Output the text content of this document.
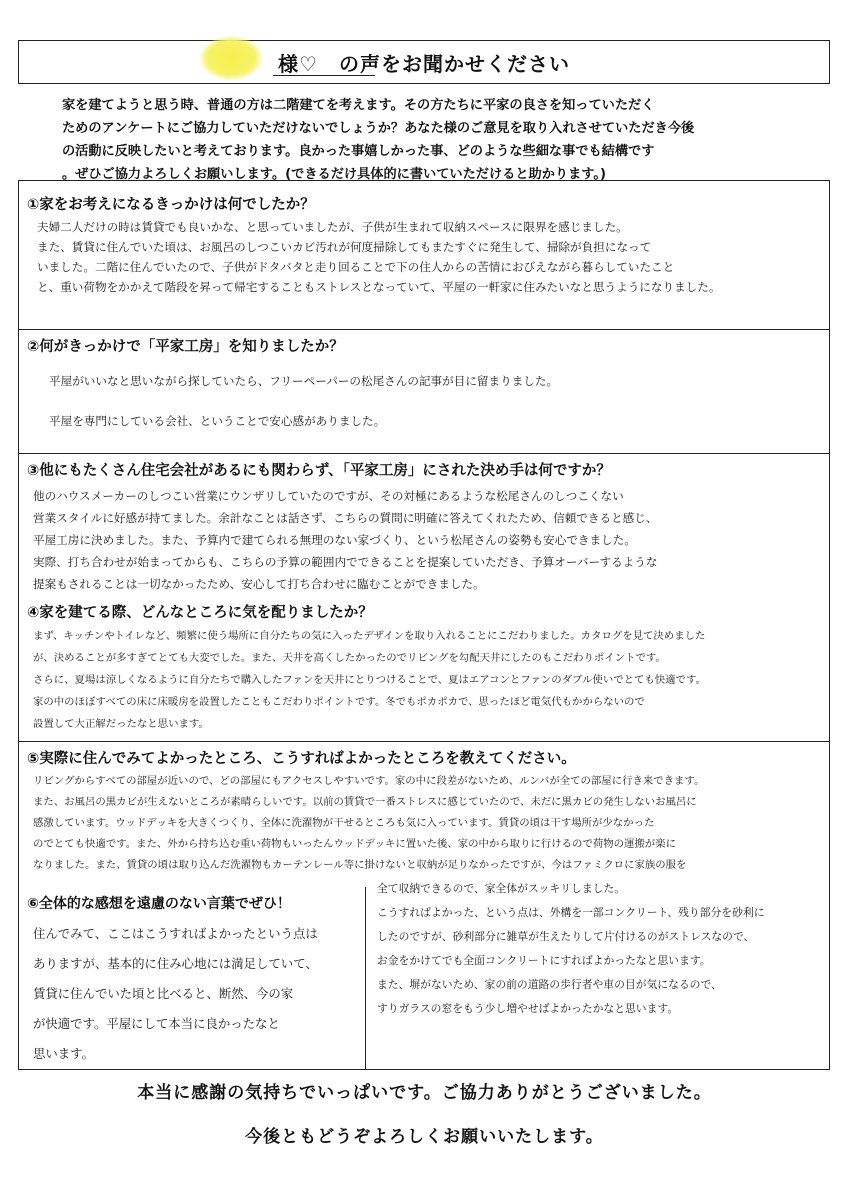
様♡　の声をお聞かせください

家を建てようと思う時、普通の方は二階建てを考えます。その方たちに平家の良さを知っていただく

ためのアンケートにご協力していただけないでしょうか？あなた様のご意見を取り入れさせていただき今後

の活動に反映したいと考えております。良かった事嬉しかった事、どのような些細な事でも結構です

。ぜひご協力よろしくお願いします。(できるだけ具体的に書いていただけると助かります。)

①家をお考えになるきっかけは何でしたか？

夫婦二人だけの時は賃貸でも良いかな、と思っていましたが、子供が生まれて収納スペースに限界を感じました。

また、賃貸に住んでいた頃は、お風呂のしつこいカビ汚れが何度掃除してもまたすぐに発生して、掃除が負担になって

いました。二階に住んでいたので、子供がドタバタと走り回ることで下の住人からの苦情におびえながら暮らしていたこと

と、重い荷物をかかえて階段を昇って帰宅することもストレスとなっていて、平屋の一軒家に住みたいなと思うようになりました。

②何がきっかけで「平家工房」を知りましたか？

平屋がいいなと思いながら探していたら、フリーペーパーの松尾さんの記事が目に留まりました。

平屋を専門にしている会社、ということで安心感がありました。

③他にもたくさん住宅会社があるにも関わらず、「平家工房」にされた決め手は何ですか？

他のハウスメーカーのしつこい営業にウンザリしていたのですが、その対極にあるような松尾さんのしつこくない

営業スタイルに好感が持てました。余計なことは話さず、こちらの質問に明確に答えてくれたため、信頼できると感じ、

平屋工房に決めました。また、予算内で建てられる無理のない家づくり、という松尾さんの姿勢も安心できました。

実際、打ち合わせが始まってからも、こちらの予算の範囲内でできることを提案していただき、予算オーバーするような

提案もされることは一切なかったため、安心して打ち合わせに臨むことができました。

④家を建てる際、どんなところに気を配りましたか？

まず、キッチンやトイレなど、頻繁に使う場所に自分たちの気に入ったデザインを取り入れることにこだわりました。カタログを見て決めました

が、決めることが多すぎてとても大変でした。また、天井を高くしたかったのでリビングを勾配天井にしたのもこだわりポイントです。

さらに、夏場は涼しくなるように自分たちで購入したファンを天井にとりつけることで、夏はエアコンとファンのダブル使いでとても快適です。

家の中のほぼすべての床に床暖房を設置したこともこだわりポイントです。冬でもポカポカで、思ったほど電気代もかからないので

設置して大正解だったなと思います。

⑤実際に住んでみてよかったところ、こうすればよかったところを教えてください。

リビングからすべての部屋が近いので、どの部屋にもアクセスしやすいです。家の中に段差がないため、ルンバが全ての部屋に行き来できます。

また、お風呂の黒カビが生えないところが素晴らしいです。以前の賃貸で一番ストレスに感じていたので、未だに黒カビの発生しないお風呂に

感激しています。ウッドデッキを大きくつくり、全体に洗濯物が干せるところも気に入っています。賃貸の頃は干す場所が少なかった

のでとても快適です。また、外から持ち込む重い荷物もいったんウッドデッキに置いた後、家の中から取りに行けるので荷物の運搬が楽に

なりました。また、賃貸の頃は取り込んだ洗濯物もカーテンレール等に掛けないと収納が足りなかったですが、今はファミクロに家族の服を

全て収納できるので、家全体がスッキリしました。

こうすればよかった、という点は、外構を一部コンクリート、残り部分を砂利に

したのですが、砂利部分に雑草が生えたりして片付けるのがストレスなので、

お金をかけてでも全面コンクリートにすればよかったなと思います。

また、塀がないため、家の前の道路の歩行者や車の目が気になるので、

すりガラスの窓をもう少し増やせばよかったかなと思います。

⑥全体的な感想を遠慮のない言葉でぜひ！

住んでみて、ここはこうすればよかったという点は

ありますが、基本的に住み心地には満足していて、

賃貸に住んでいた頃と比べると、断然、今の家

が快適です。平屋にして本当に良かったなと

思います。

本当に感謝の気持ちでいっぱいです。ご協力ありがとうございました。
今後ともどうぞよろしくお願いいたします。
